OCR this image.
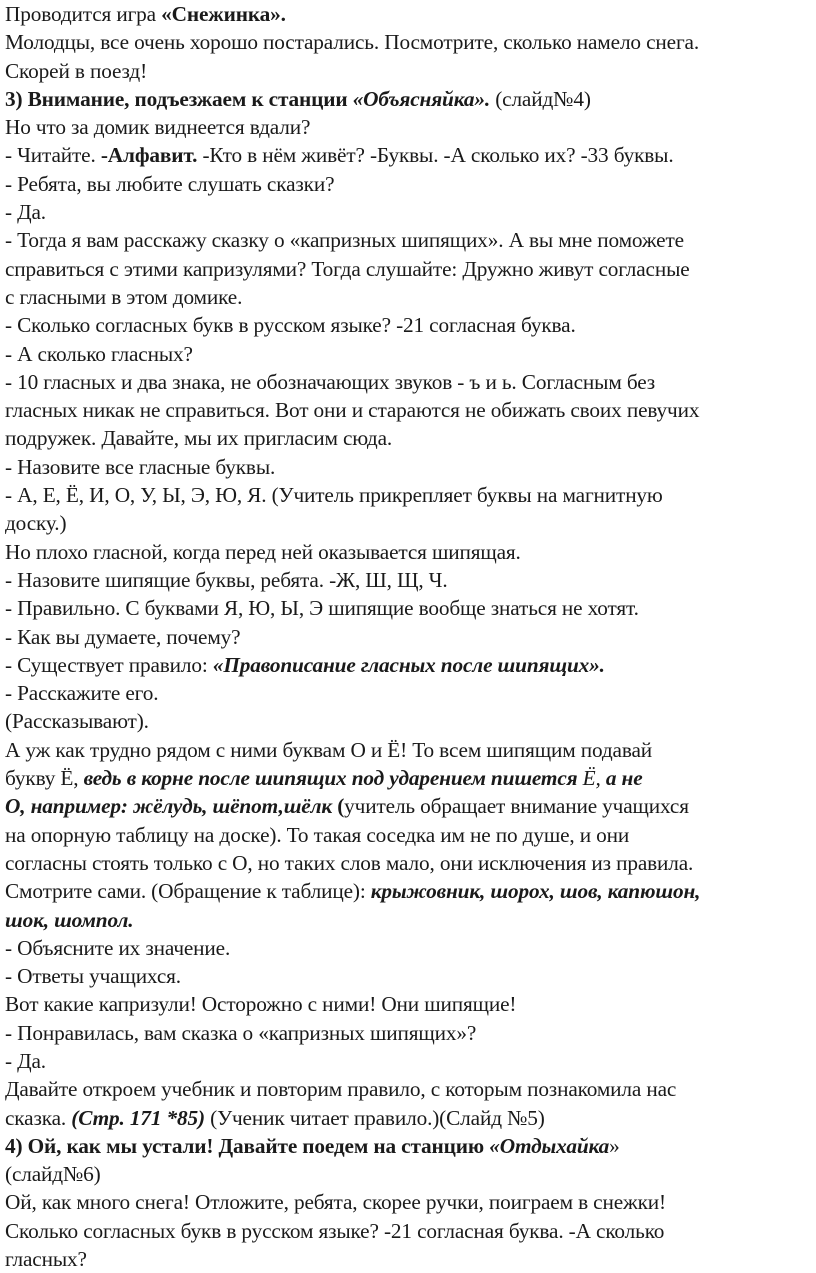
Проводится игра «Снежинка».
Молодцы, все очень хорошо постарались. Посмотрите, сколько намело снега.
Скорей в поезд!
3) Внимание, подъезжаем к станции «Объясняйка». (слайд№4)
Но что за домик виднеется вдали?
- Читайте. -Алфавит. -Кто в нём живёт? -Буквы. -А сколько их? -33 буквы.
- Ребята, вы любите слушать сказки?
- Да.
- Тогда я вам расскажу сказку о «капризных шипящих». А вы мне поможете
справиться с этими капризулями? Тогда слушайте: Дружно живут согласные
с гласными в этом домике.
- Сколько согласных букв в русском языке? -21 согласная буква.
- А сколько гласных?
- 10 гласных и два знака, не обозначающих звуков - ъ и ь. Согласным без
гласных никак не справиться. Вот они и стараются не обижать своих певучих
подружек. Давайте, мы их пригласим сюда.
- Назовите все гласные буквы.
- А, Е, Ё, И, О, У, Ы, Э, Ю, Я. (Учитель прикрепляет буквы на магнитную
доску.)
Но плохо гласной, когда перед ней оказывается шипящая.
- Назовите шипящие буквы, ребята. -Ж, Ш, Щ, Ч.
- Правильно. С буквами Я, Ю, Ы, Э шипящие вообще знаться не хотят.
- Как вы думаете, почему?
- Существует правило: «Правописание гласных после шипящих».
- Расскажите его.
(Рассказывают).
А уж как трудно рядом с ними буквам О и Ё! То всем шипящим подавай
букву Ё, ведь в корне после шипящих под ударением пишется Ё, а не
О, например: жёлудь, шёпот,шёлк (учитель обращает внимание учащихся
на опорную таблицу на доске). То такая соседка им не по душе, и они
согласны стоять только с О, но таких слов мало, они исключения из правила.
Смотрите сами. (Обращение к таблице): крыжовник, шорох, шов, капюшон,
шок, шомпол.
- Объясните их значение.
- Ответы учащихся.
Вот какие капризули! Осторожно с ними! Они шипящие!
- Понравилась, вам сказка о «капризных шипящих»?
- Да.
Давайте откроем учебник и повторим правило, с которым познакомила нас
сказка. (Стр. 171 *85) (Ученик читает правило.)(Слайд №5)
4) Ой, как мы устали! Давайте поедем на станцию «Отдыхайка»
(слайд№6)
Ой, как много снега! Отложите, ребята, скорее ручки, поиграем в снежки!
Сколько согласных букв в русском языке? -21 согласная буква. -А сколько
гласных?
